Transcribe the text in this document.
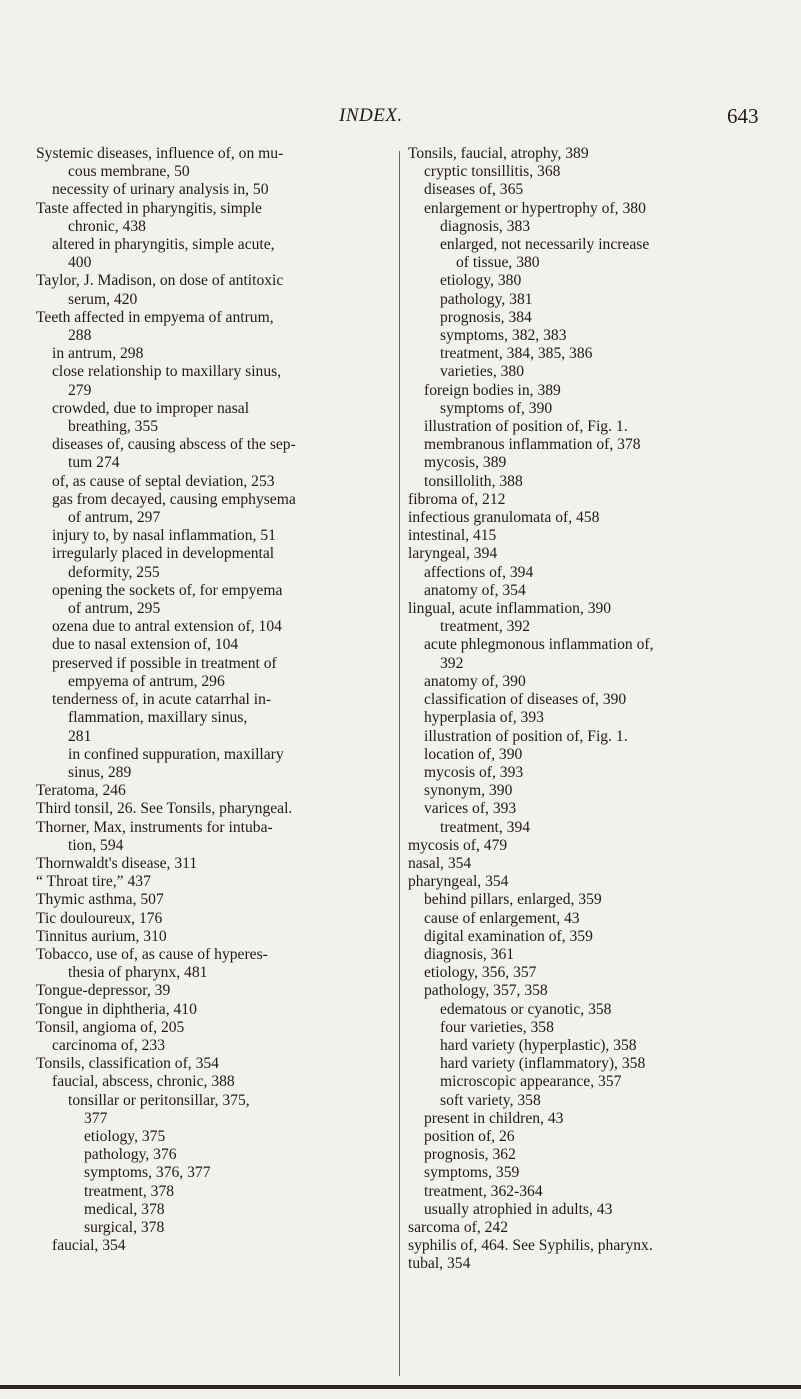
INDEX.	643
Systemic diseases, influence of, on mu-
cous membrane, 50
necessity of urinary analysis in, 50
Taste affected in pharyngitis, simple
chronic, 438
altered in pharyngitis, simple acute,
400
Taylor, J. Madison, on dose of antitoxic
serum, 420
Teeth affected in empyema of antrum,
288
in antrum, 298
close relationship to maxillary sinus,
279
crowded, due to improper nasal
breathing, 355
diseases of, causing abscess of the sep-
tum 274
of, as cause of septal deviation, 253
gas from decayed, causing emphysema
of antrum, 297
injury to, by nasal inflammation, 51
irregularly placed in developmental
deformity, 255
opening the sockets of, for empyema
of antrum, 295
ozena due to antral extension of, 104
due to nasal extension of, 104
preserved if possible in treatment of
empyema of antrum, 296
tenderness of, in acute catarrhal in-
flammation, maxillary sinus,
281
in confined suppuration, maxillary
sinus, 289
Teratoma, 246
Third tonsil, 26. See Tonsils, pharyngeal.
Thorner, Max, instruments for intuba-
tion, 594
Thornwaldt's disease, 311
“ Throat tire,” 437
Thymic asthma, 507
Tic douloureux, 176
Tinnitus aurium, 310
Tobacco, use of, as cause of hyperes-
thesia of pharynx, 481
Tongue-depressor, 39
Tongue in diphtheria, 410
Tonsil, angioma of, 205
carcinoma of, 233
Tonsils, classification of, 354
faucial, abscess, chronic, 388
tonsillar or peritonsillar, 375,
377
etiology, 375
pathology, 376
symptoms, 376, 377
treatment, 378
medical, 378
surgical, 378
faucial, 354
Tonsils, faucial, atrophy, 389
cryptic tonsillitis, 368
diseases of, 365
enlargement or hypertrophy of, 380
diagnosis, 383
enlarged, not necessarily increase
of tissue, 380
etiology, 380
pathology, 381
prognosis, 384
symptoms, 382, 383
treatment, 384, 385, 386
varieties, 380
foreign bodies in, 389
symptoms of, 390
illustration of position of, Fig. 1.
membranous inflammation of, 378
mycosis, 389
tonsillolith, 388
fibroma of, 212
infectious granulomata of, 458
intestinal, 415
laryngeal, 394
affections of, 394
anatomy of, 354
lingual, acute inflammation, 390
treatment, 392
acute phlegmonous inflammation of,
392
anatomy of, 390
classification of diseases of, 390
hyperplasia of, 393
illustration of position of, Fig. 1.
location of, 390
mycosis of, 393
synonym, 390
varices of, 393
treatment, 394
mycosis of, 479
nasal, 354
pharyngeal, 354
behind pillars, enlarged, 359
cause of enlargement, 43
digital examination of, 359
diagnosis, 361
etiology, 356, 357
pathology, 357, 358
edematous or cyanotic, 358
four varieties, 358
hard variety (hyperplastic), 358
hard variety (inflammatory), 358
microscopic appearance, 357
soft variety, 358
present in children, 43
position of, 26
prognosis, 362
symptoms, 359
treatment, 362-364
usually atrophied in adults, 43
sarcoma of, 242
syphilis of, 464. See Syphilis, pharynx.
tubal, 354
